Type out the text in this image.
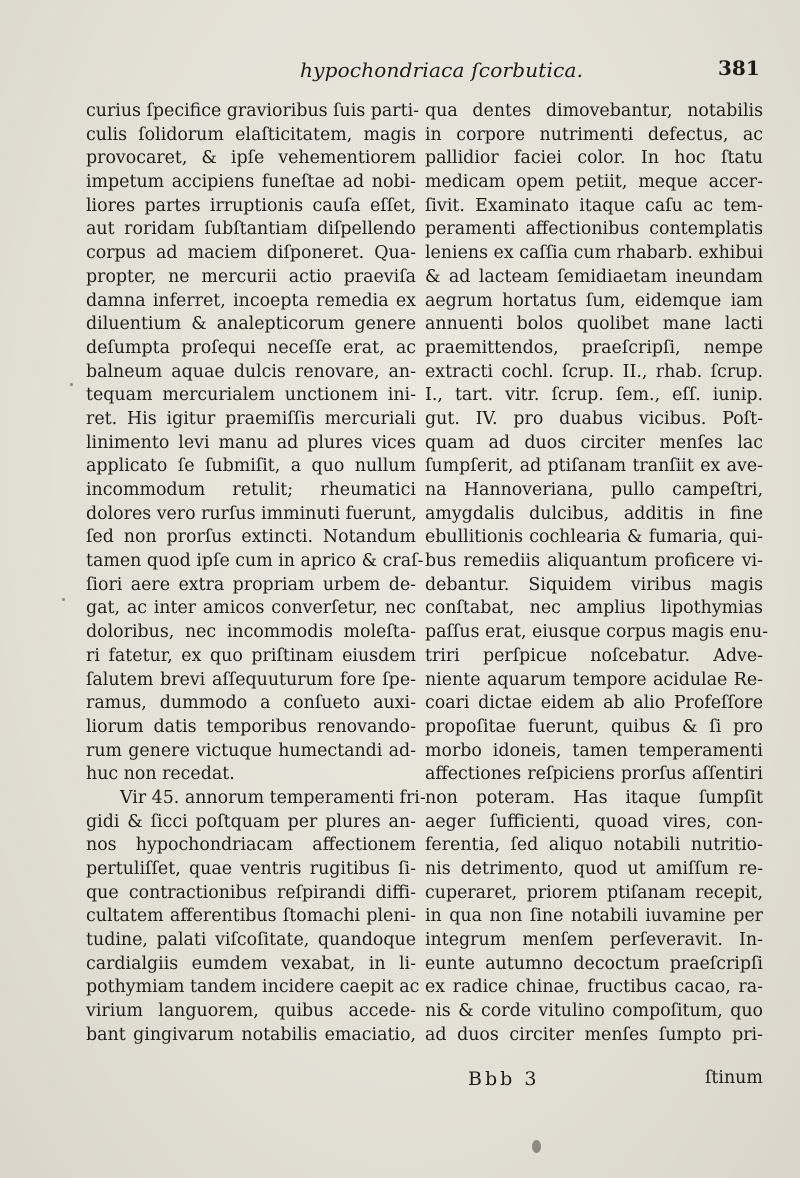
hypochondriaca ſcorbutica.	381
curius ſpecifice gravioribus ſuis parti-
culis ſolidorum elaſticitatem, magis
provocaret, & ipſe vehementiorem
impetum accipiens funeſtae ad nobi-
liores partes irruptionis cauſa eſſet,
aut roridam ſubſtantiam diſpellendo
corpus ad maciem diſponeret. Qua-
propter, ne mercurii actio praeviſa
damna inferret, incoepta remedia ex
diluentium & analepticorum genere
deſumpta proſequi neceſſe erat, ac
balneum aquae dulcis renovare, an-
tequam mercurialem unctionem ini-
ret. His igitur praemiſſis mercuriali
linimento levi manu ad plures vices
applicato ſe ſubmiſit, a quo nullum
incommodum retulit; rheumatici
dolores vero rurſus imminuti fuerunt,
ſed non prorſus extincti. Notandum
tamen quod ipſe cum in aprico & craſ-
ſiori aere extra propriam urbem de-
gat, ac inter amicos converſetur, nec
doloribus, nec incommodis moleſta-
ri fatetur, ex quo priſtinam eiusdem
ſalutem brevi aſſequuturum fore ſpe-
ramus, dummodo a conſueto auxi-
liorum datis temporibus renovando-
rum genere victuque humectandi ad-
huc non recedat.
Vir 45. annorum temperamenti fri-
gidi & ſicci poſtquam per plures an-
nos hypochondriacam affectionem
pertuliſſet, quae ventris rugitibus ſi-
que contractionibus reſpirandi diffi-
cultatem afferentibus ſtomachi pleni-
tudine, palati viſcoſitate, quandoque
cardialgiis eumdem vexabat, in li-
pothymiam tandem incidere caepit ac
virium languorem, quibus accede-
bant gingivarum notabilis emaciatio,
qua dentes dimovebantur, notabilis
in corpore nutrimenti defectus, ac
pallidior faciei color. In hoc ſtatu
medicam opem petiit, meque accer-
ſivit. Examinato itaque caſu ac tem-
peramenti affectionibus contemplatis
leniens ex caſſia cum rhabarb. exhibui
& ad lacteam ſemidiaetam ineundam
aegrum hortatus ſum, eidemque iam
annuenti bolos quolibet mane lacti
praemittendos, praeſcripſi, nempe
extracti cochl. ſcrup. II., rhab. ſcrup.
I., tart. vitr. ſcrup. ſem., eſſ. iunip.
gut. IV. pro duabus vicibus. Poſt-
quam ad duos circiter menſes lac
ſumpſerit, ad ptiſanam tranſiit ex ave-
na Hannoveriana, pullo campeſtri,
amygdalis dulcibus, additis in fine
ebullitionis cochlearia & fumaria, qui-
bus remediis aliquantum proficere vi-
debantur. Siquidem viribus magis
conſtabat, nec amplius lipothymias
paſſus erat, eiusque corpus magis enu-
triri perſpicue noſcebatur. Adve-
niente aquarum tempore acidulae Re-
coari dictae eidem ab alio Profeſſore
propoſitae fuerunt, quibus & ſi pro
morbo idoneis, tamen temperamenti
affectiones reſpiciens prorſus aſſentiri
non poteram. Has itaque ſumpſit
aeger ſufficienti, quoad vires, con-
ferentia, ſed aliquo notabili nutritio-
nis detrimento, quod ut amiſſum re-
cuperaret, priorem ptiſanam recepit,
in qua non ſine notabili iuvamine per
integrum menſem perſeveravit. In-
eunte autumno decoctum praeſcripſi
ex radice chinae, fructibus cacao, ra-
nis & corde vitulino compoſitum, quo
ad duos circiter menſes ſumpto pri-
Bbb 3	ſtinum
